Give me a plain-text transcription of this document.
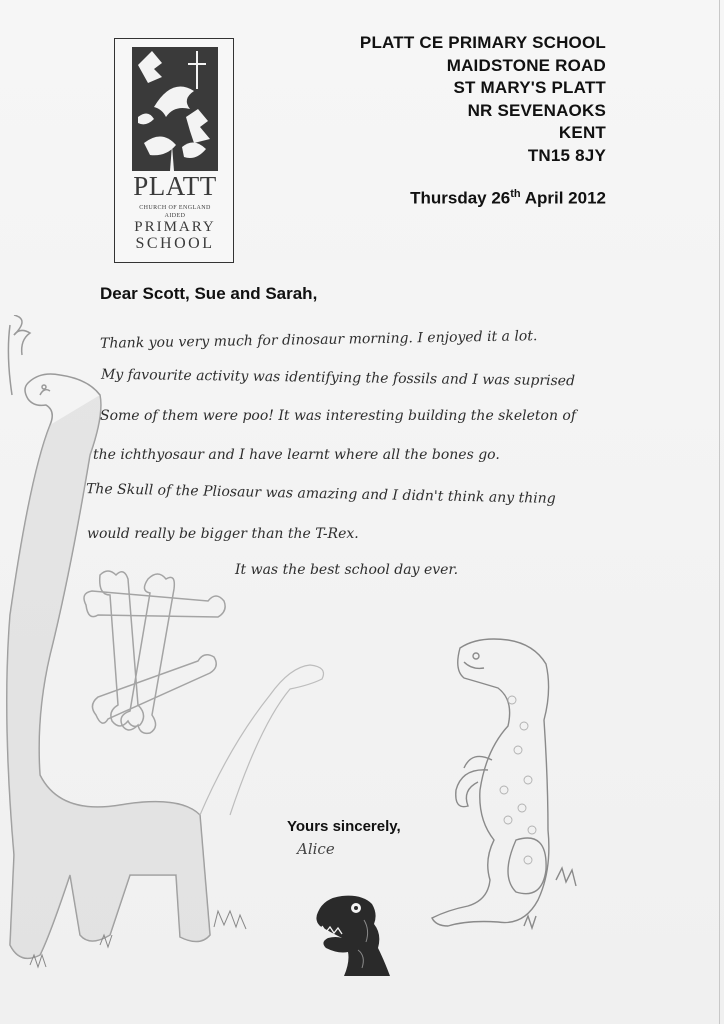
PLATT
CHURCH OF ENGLAND
AIDED
PRIMARY
SCHOOL
PLATT CE PRIMARY SCHOOL
MAIDSTONE ROAD
ST MARY'S PLATT
NR SEVENAOKS
KENT
TN15 8JY
Thursday 26th April 2012
Dear Scott, Sue and Sarah,
Thank you very much for dinosaur morning. I enjoyed it a lot.
My favourite activity was identifying the fossils and I was suprised
Some of them were poo! It was interesting building the skeleton of
the ichthyosaur and I have learnt where all the bones go.
The Skull of the Pliosaur was amazing and I didn't think any thing
would really be bigger than the T-Rex.
It was the best school day ever.
Yours sincerely,
Alice
